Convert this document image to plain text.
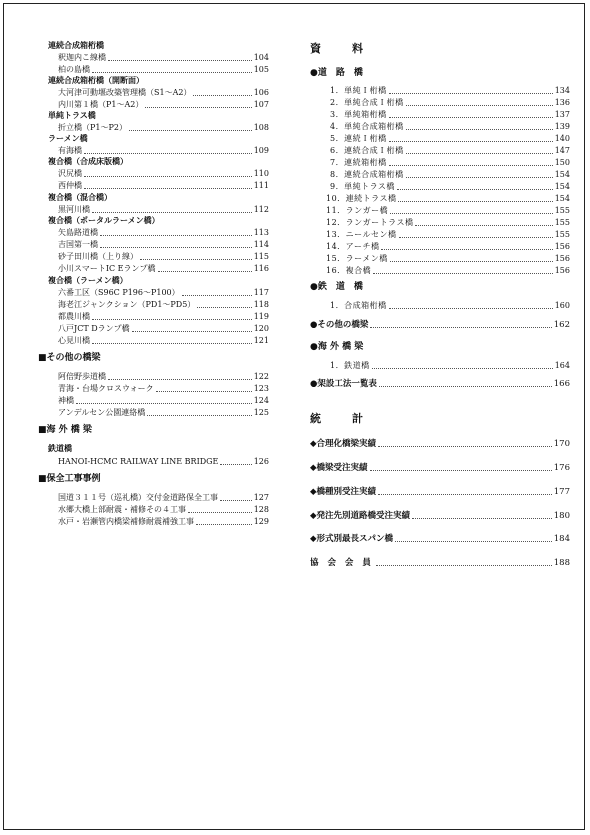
連続合成箱桁橋
釈迦内こ線橋	104
柏の島橋	105
連続合成箱桁橋（開断面）
大河津可動堰改築管理橋（S1～A2）	106
内川第１橋（P1～A2）	107
単純トラス橋
折立橋（P1～P2）	108
ラーメン橋
有海橋	109
複合橋（合成床版橋）
沢尻橋	110
西仲橋	111
複合橋（混合橋）
黒河川橋	112
複合橋（ポータルラーメン橋）
矢島路道橋	113
吉国第一橋	114
砂子田川橋（上り線）	115
小川スマートIC Eランプ橋	116
複合橋（ラーメン橋）
六番工区（S96C P196～P100）	117
海老江ジャンクション（PD1～PD5）	118
都農川橋	119
八戸JCT Dランプ橋	120
心見川橋	121
■その他の橋梁
阿倍野歩道橋	122
青海・台場クロスウォーク	123
神橋	124
アンデルセン公園連絡橋	125
■海 外 橋 梁
鉄道橋
HANOI-HCMC RAILWAY LINE BRIDGE	126
■保全工事事例
国道３１１号（巡礼橋）交付金道路保全工事	127
水郷大橋上部耐震・補修その４工事	128
水戸・岩瀬管内橋梁補修耐震補強工事	129
資　料
●道　路　橋
1．単純Ｉ桁橋	134
2．単純合成Ｉ桁橋	136
3．単純箱桁橋	137
4．単純合成箱桁橋	139
5．連続Ｉ桁橋	140
6．連続合成Ｉ桁橋	147
7．連続箱桁橋	150
8．連続合成箱桁橋	154
9．単純トラス橋	154
10．連続トラス橋	154
11．ランガー橋	155
12．ランガートラス橋	155
13．ニールセン橋	155
14．アーチ橋	156
15．ラーメン橋	156
16．複合橋	156
●鉄　道　橋
1．合成箱桁橋	160
●その他の橋梁	162
●海 外 橋 梁
1．鉄道橋	164
●架設工法一覧表	166
統　計
◆合理化橋梁実績	170
◆橋梁受注実績	176
◆橋種別受注実績	177
◆発注先別道路橋受注実績	180
◆形式別最長スパン橋	184
協 会 会 員	188
